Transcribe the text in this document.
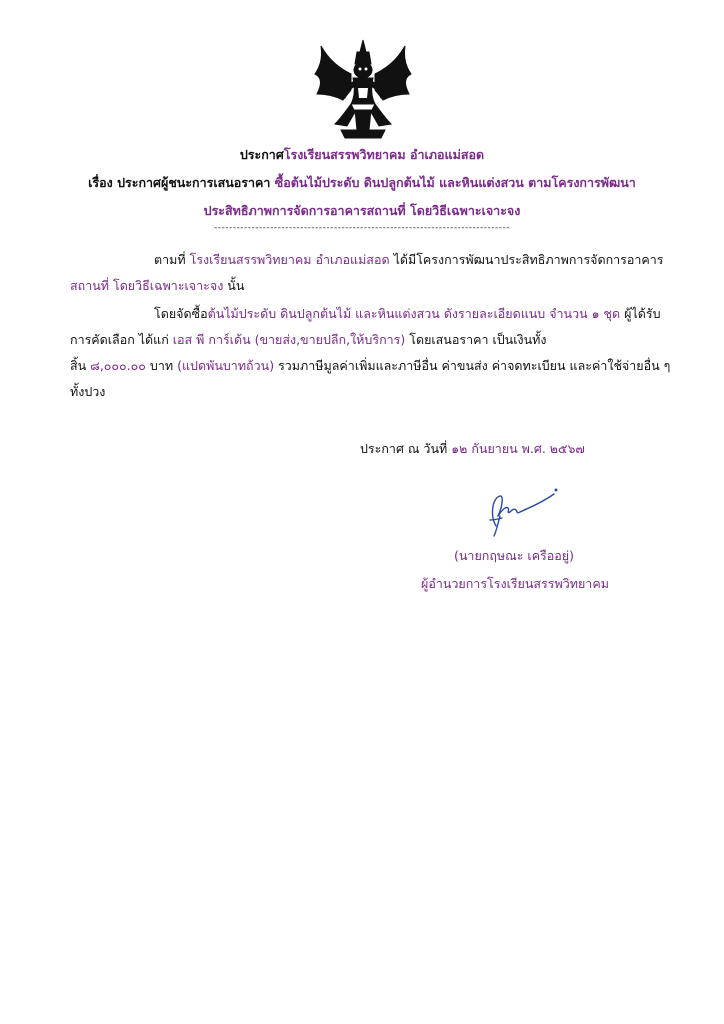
ประกาศโรงเรียนสรรพวิทยาคม อำเภอแม่สอด
เรื่อง ประกาศผู้ชนะการเสนอราคา ซื้อต้นไม้ประดับ ดินปลูกต้นไม้ และหินแต่งสวน ตามโครงการพัฒนา
ประสิทธิภาพการจัดการอาคารสถานที่ โดยวิธีเฉพาะเจาะจง
-------------------------------------------------------------------------------
ตามที่ โรงเรียนสรรพวิทยาคม อำเภอแม่สอด ได้มีโครงการพัฒนาประสิทธิภาพการจัดการอาคาร
สถานที่ โดยวิธีเฉพาะเจาะจง นั้น
โดยจัดซื้อต้นไม้ประดับ ดินปลูกต้นไม้ และหินแต่งสวน ดังรายละเอียดแนบ จำนวน ๑ ชุด ผู้ได้รับ
การคัดเลือก ได้แก่ เอส พี การ์เด้น (ขายส่ง,ขายปลีก,ให้บริการ) โดยเสนอราคา เป็นเงินทั้ง
สิ้น ๘,๐๐๐.๐๐ บาท (แปดพันบาทถ้วน) รวมภาษีมูลค่าเพิ่มและภาษีอื่น ค่าขนส่ง ค่าจดทะเบียน และค่าใช้จ่ายอื่น ๆ
ทั้งปวง
ประกาศ ณ วันที่ ๑๒ กันยายน พ.ศ. ๒๕๖๗
(นายกฤษณะ เครืออยู่)
ผู้อำนวยการโรงเรียนสรรพวิทยาคม
